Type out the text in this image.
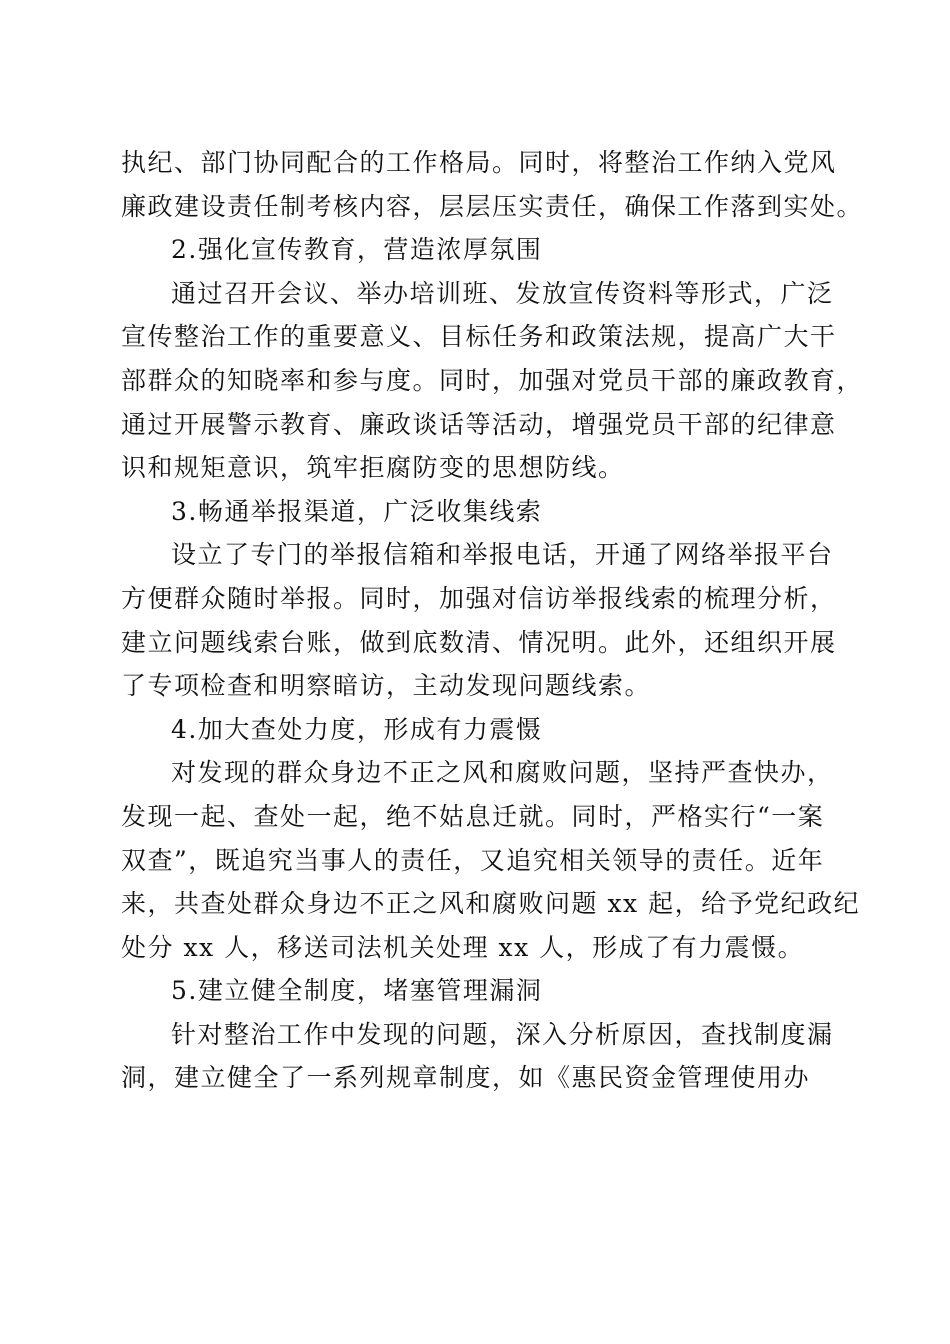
执纪、部门协同配合的工作格局。同时，将整治工作纳入党风
廉政建设责任制考核内容，层层压实责任，确保工作落到实处。
2.强化宣传教育，营造浓厚氛围
通过召开会议、举办培训班、发放宣传资料等形式，广泛
宣传整治工作的重要意义、目标任务和政策法规，提高广大干
部群众的知晓率和参与度。同时，加强对党员干部的廉政教育，
通过开展警示教育、廉政谈话等活动，增强党员干部的纪律意
识和规矩意识，筑牢拒腐防变的思想防线。
3.畅通举报渠道，广泛收集线索
设立了专门的举报信箱和举报电话，开通了网络举报平台
方便群众随时举报。同时，加强对信访举报线索的梳理分析，
建立问题线索台账，做到底数清、情况明。此外，还组织开展
了专项检查和明察暗访，主动发现问题线索。
4.加大查处力度，形成有力震慑
对发现的群众身边不正之风和腐败问题，坚持严查快办，
发现一起、查处一起，绝不姑息迁就。同时，严格实行“一案
双查”，既追究当事人的责任，又追究相关领导的责任。近年
来，共查处群众身边不正之风和腐败问题 xx 起，给予党纪政纪
处分 xx 人，移送司法机关处理 xx 人，形成了有力震慑。
5.建立健全制度，堵塞管理漏洞
针对整治工作中发现的问题，深入分析原因，查找制度漏
洞，建立健全了一系列规章制度，如《惠民资金管理使用办
